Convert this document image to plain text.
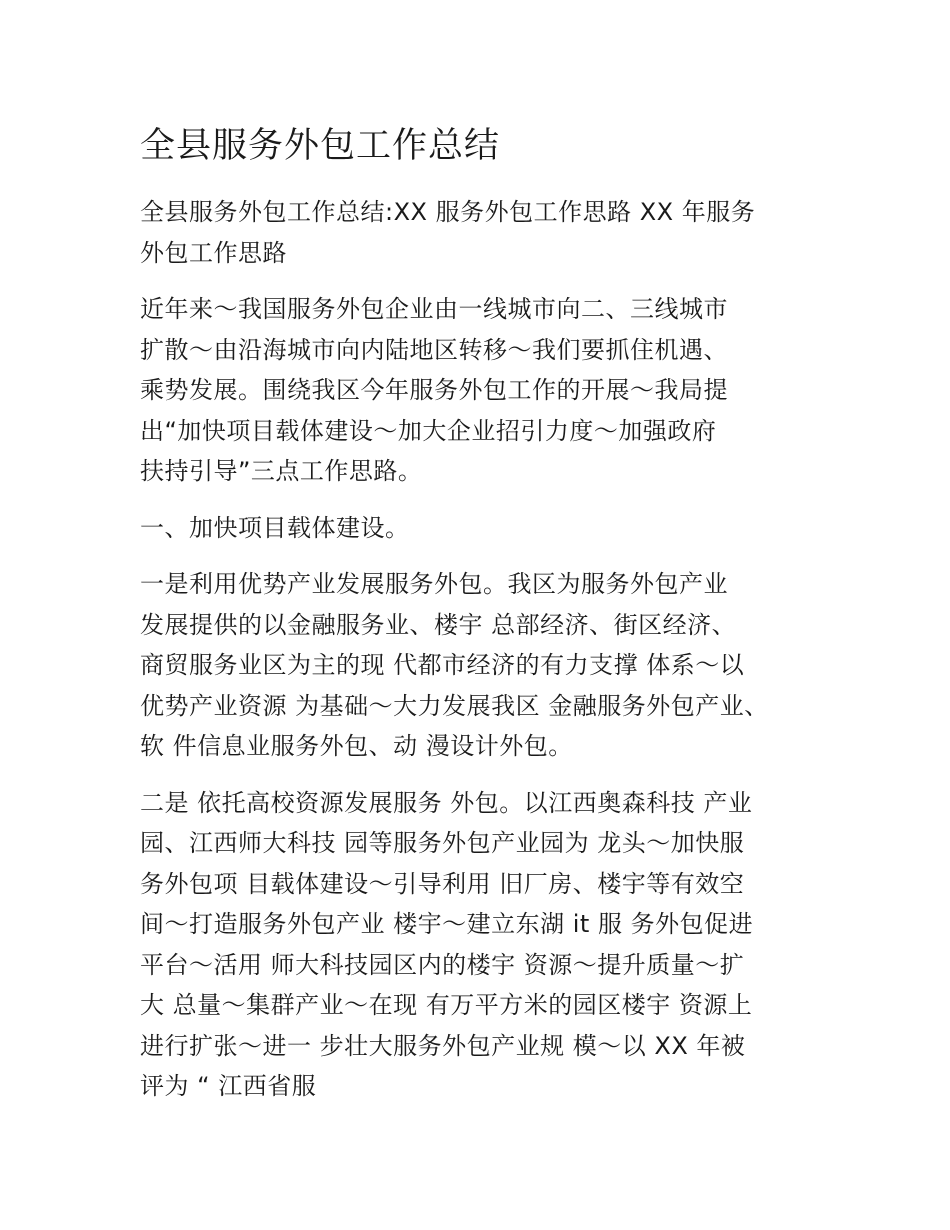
全县服务外包工作总结
全县服务外包工作总结:XX 服务外包工作思路 XX 年服务
外包工作思路
近年来～我国服务外包企业由一线城市向二、三线城市
扩散～由沿海城市向内陆地区转移～我们要抓住机遇、
乘势发展。围绕我区今年服务外包工作的开展～我局提
出“加快项目载体建设～加大企业招引力度～加强政府
扶持引导”三点工作思路。
一、加快项目载体建设。
一是利用优势产业发展服务外包。我区为服务外包产业
发展提供的以金融服务业、楼宇 总部经济、街区经济、
商贸服务业区为主的现 代都市经济的有力支撑 体系～以
优势产业资源 为基础～大力发展我区 金融服务外包产业、
软 件信息业服务外包、动 漫设计外包。
二是 依托高校资源发展服务 外包。以江西奥森科技 产业
园、江西师大科技 园等服务外包产业园为 龙头～加快服
务外包项 目载体建设～引导利用 旧厂房、楼宇等有效空
间～打造服务外包产业 楼宇～建立东湖 it 服 务外包促进
平台～活用 师大科技园区内的楼宇 资源～提升质量～扩
大 总量～集群产业～在现 有万平方米的园区楼宇 资源上
进行扩张～进一 步壮大服务外包产业规 模～以 XX 年被
评为 “ 江西省服
